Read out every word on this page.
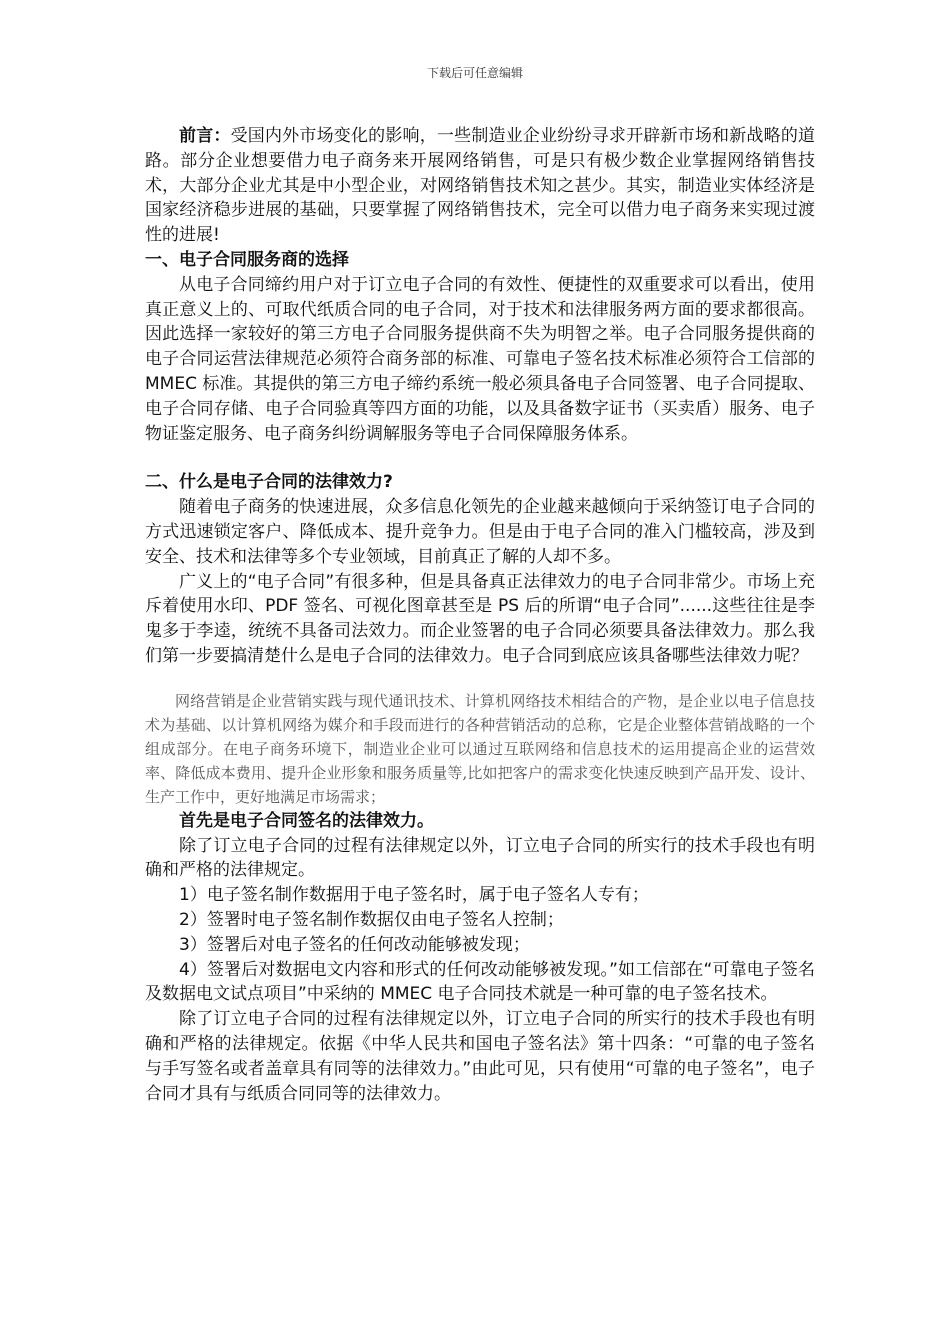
下载后可任意编辑

前言：受国内外市场变化的影响，一些制造业企业纷纷寻求开辟新市场和新战略的道路。部分企业想要借力电子商务来开展网络销售，可是只有极少数企业掌握网络销售技术，大部分企业尤其是中小型企业，对网络销售技术知之甚少。其实，制造业实体经济是国家经济稳步进展的基础，只要掌握了网络销售技术，完全可以借力电子商务来实现过渡性的进展!

一、电子合同服务商的选择

从电子合同缔约用户对于订立电子合同的有效性、便捷性的双重要求可以看出，使用真正意义上的、可取代纸质合同的电子合同，对于技术和法律服务两方面的要求都很高。因此选择一家较好的第三方电子合同服务提供商不失为明智之举。电子合同服务提供商的电子合同运营法律规范必须符合商务部的标准、可靠电子签名技术标准必须符合工信部的 MMEC 标准。其提供的第三方电子缔约系统一般必须具备电子合同签署、电子合同提取、电子合同存储、电子合同验真等四方面的功能，以及具备数字证书（买卖盾）服务、电子物证鉴定服务、电子商务纠纷调解服务等电子合同保障服务体系。

二、什么是电子合同的法律效力?

随着电子商务的快速进展，众多信息化领先的企业越来越倾向于采纳签订电子合同的方式迅速锁定客户、降低成本、提升竞争力。但是由于电子合同的准入门槛较高，涉及到安全、技术和法律等多个专业领域，目前真正了解的人却不多。

广义上的“电子合同”有很多种，但是具备真正法律效力的电子合同非常少。市场上充斥着使用水印、PDF 签名、可视化图章甚至是 PS 后的所谓“电子合同”......这些往往是李鬼多于李逵，统统不具备司法效力。而企业签署的电子合同必须要具备法律效力。那么我们第一步要搞清楚什么是电子合同的法律效力。电子合同到底应该具备哪些法律效力呢？

网络营销是企业营销实践与现代通讯技术、计算机网络技术相结合的产物，是企业以电子信息技术为基础、以计算机网络为媒介和手段而进行的各种营销活动的总称，它是企业整体营销战略的一个组成部分。在电子商务环境下，制造业企业可以通过互联网络和信息技术的运用提高企业的运营效率、降低成本费用、提升企业形象和服务质量等,比如把客户的需求变化快速反映到产品开发、设计、生产工作中，更好地满足市场需求；

首先是电子合同签名的法律效力。

除了订立电子合同的过程有法律规定以外，订立电子合同的所实行的技术手段也有明确和严格的法律规定。

1）电子签名制作数据用于电子签名时，属于电子签名人专有；

2）签署时电子签名制作数据仅由电子签名人控制；

3）签署后对电子签名的任何改动能够被发现；

4）签署后对数据电文内容和形式的任何改动能够被发现。”如工信部在“可靠电子签名及数据电文试点项目”中采纳的 MMEC 电子合同技术就是一种可靠的电子签名技术。

除了订立电子合同的过程有法律规定以外，订立电子合同的所实行的技术手段也有明确和严格的法律规定。依据《中华人民共和国电子签名法》第十四条：“可靠的电子签名与手写签名或者盖章具有同等的法律效力。”由此可见，只有使用“可靠的电子签名”，电子合同才具有与纸质合同同等的法律效力。
